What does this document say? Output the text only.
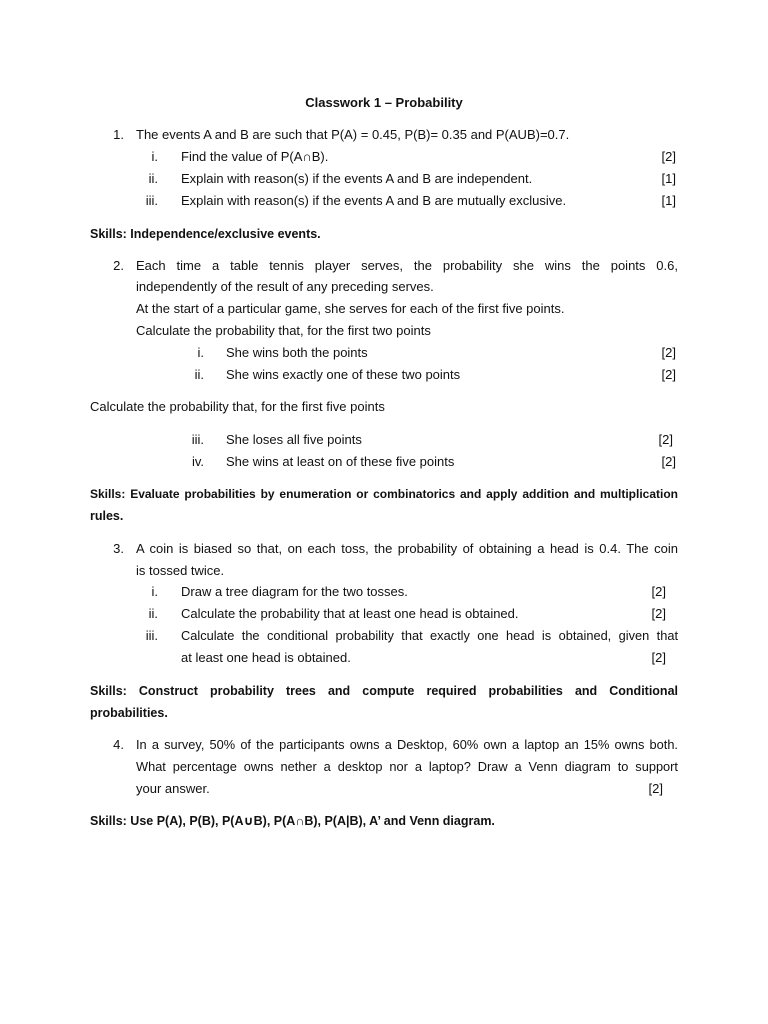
Classwork 1 – Probability
1. The events A and B are such that P(A) = 0.45, P(B)= 0.35 and P(AUB)=0.7.
i. Find the value of P(A∩B).	[2]
ii. Explain with reason(s) if the events A and B are independent.	[1]
iii. Explain with reason(s) if the events A and B are mutually exclusive.	[1]
Skills: Independence/exclusive events.
2. Each time a table tennis player serves, the probability she wins the points 0.6,
independently of the result of any preceding serves.
At the start of a particular game, she serves for each of the first five points.
Calculate the probability that, for the first two points
i. She wins both the points	[2]
ii. She wins exactly one of these two points	[2]
Calculate the probability that, for the first five points
iii. She loses all five points	[2]
iv. She wins at least on of these five points	[2]
Skills: Evaluate probabilities by enumeration or combinatorics and apply addition and multiplication
rules.
3. A coin is biased so that, on each toss, the probability of obtaining a head is 0.4. The coin
is tossed twice.
i. Draw a tree diagram for the two tosses.	[2]
ii. Calculate the probability that at least one head is obtained.	[2]
iii. Calculate the conditional probability that exactly one head is obtained, given that
at least one head is obtained.	[2]
Skills: Construct probability trees and compute required probabilities and Conditional
probabilities.
4. In a survey, 50% of the participants owns a Desktop, 60% own a laptop an 15% owns both.
What percentage owns nether a desktop nor a laptop? Draw a Venn diagram to support
your answer.	[2]
Skills: Use P(A), P(B), P(A∪B), P(A∩B), P(A|B), A’ and Venn diagram.
